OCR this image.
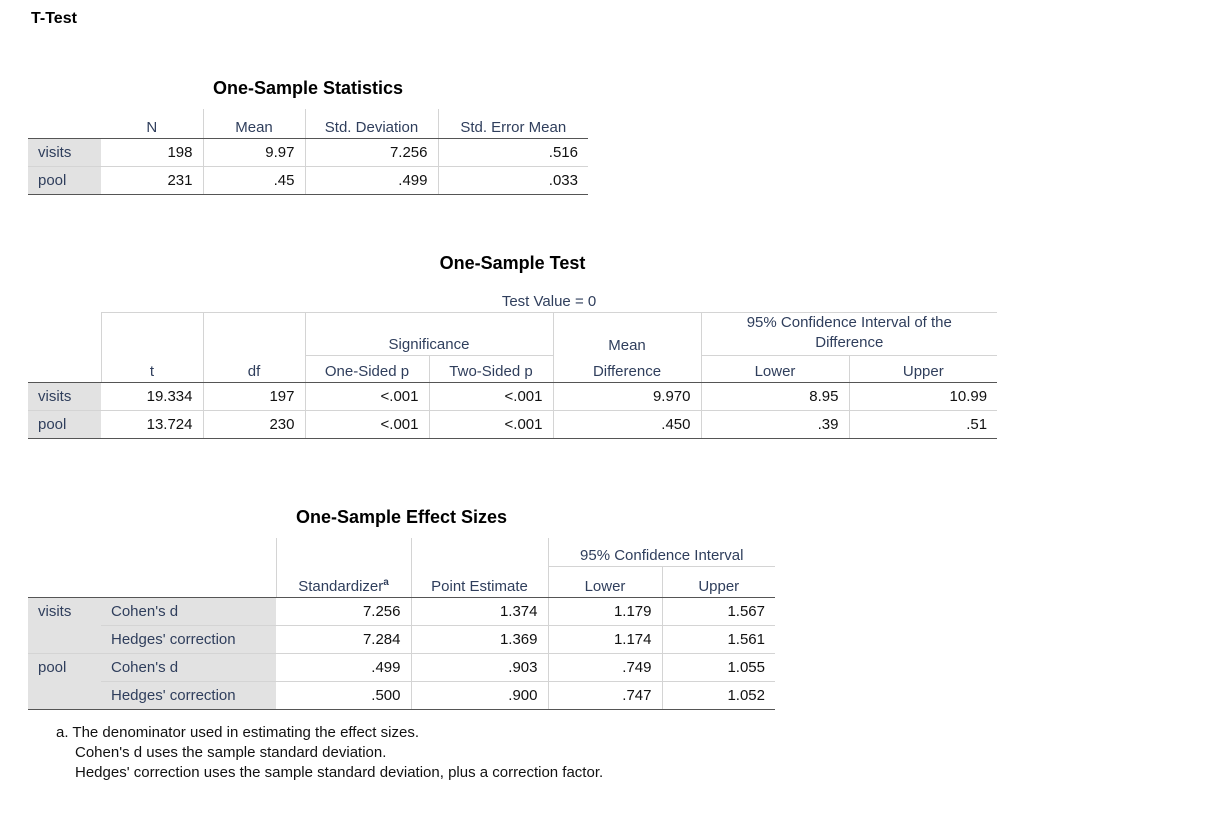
T-Test
One-Sample Statistics
	N	Mean	Std. Deviation	Std. Error Mean
visits	198	9.97	7.256	.516
pool	231	.45	.499	.033
One-Sample Test
	Test Value = 0						
	t	df	Significance		Mean	95% Confidence Interval of the Difference	
			One-Sided p	Two-Sided p	Difference	Lower	Upper
visits	19.334	197	<.001	<.001	9.970	8.95	10.99
pool	13.724	230	<.001	<.001	.450	.39	.51
One-Sample Effect Sizes
		Standardizer$^a$	Point Estimate	95% Confidence Interval	
				Lower	Upper
visits	Cohen's d	7.256	1.374	1.179	1.567
	Hedges' correction	7.284	1.369	1.174	1.561
pool	Cohen's d	.499	.903	.749	1.055
	Hedges' correction	.500	.900	.747	1.052
a. The denominator used in estimating the effect sizes.
Cohen's d uses the sample standard deviation.
Hedges' correction uses the sample standard deviation, plus a correction factor.
